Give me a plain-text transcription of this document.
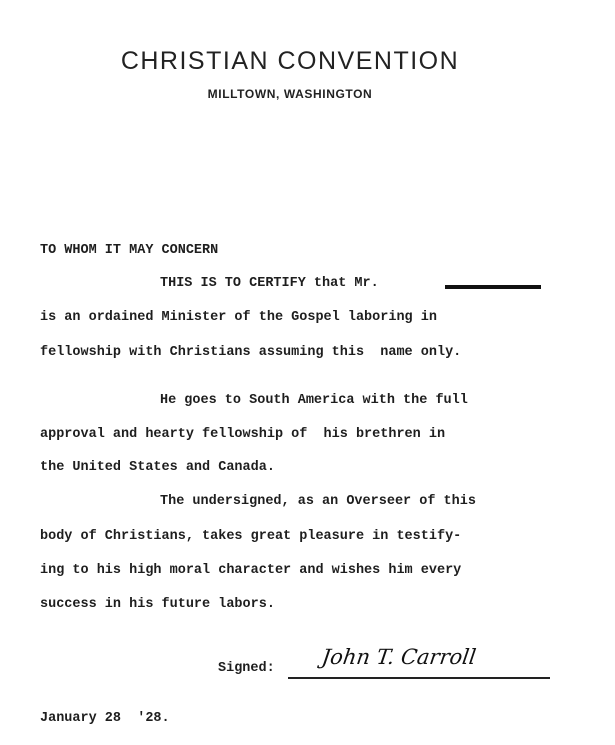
CHRISTIAN CONVENTION
MILLTOWN, WASHINGTON
TO WHOM IT MAY CONCERN
THIS IS TO CERTIFY that Mr.
is an ordained Minister of the Gospel laboring in
fellowship with Christians assuming this  name only.
He goes to South America with the full
approval and hearty fellowship of  his brethren in
the United States and Canada.
The undersigned, as an Overseer of this
body of Christians, takes great pleasure in testify-
ing to his high moral character and wishes him every
success in his future labors.
Signed: John T. Carroll
January 28  '28.
